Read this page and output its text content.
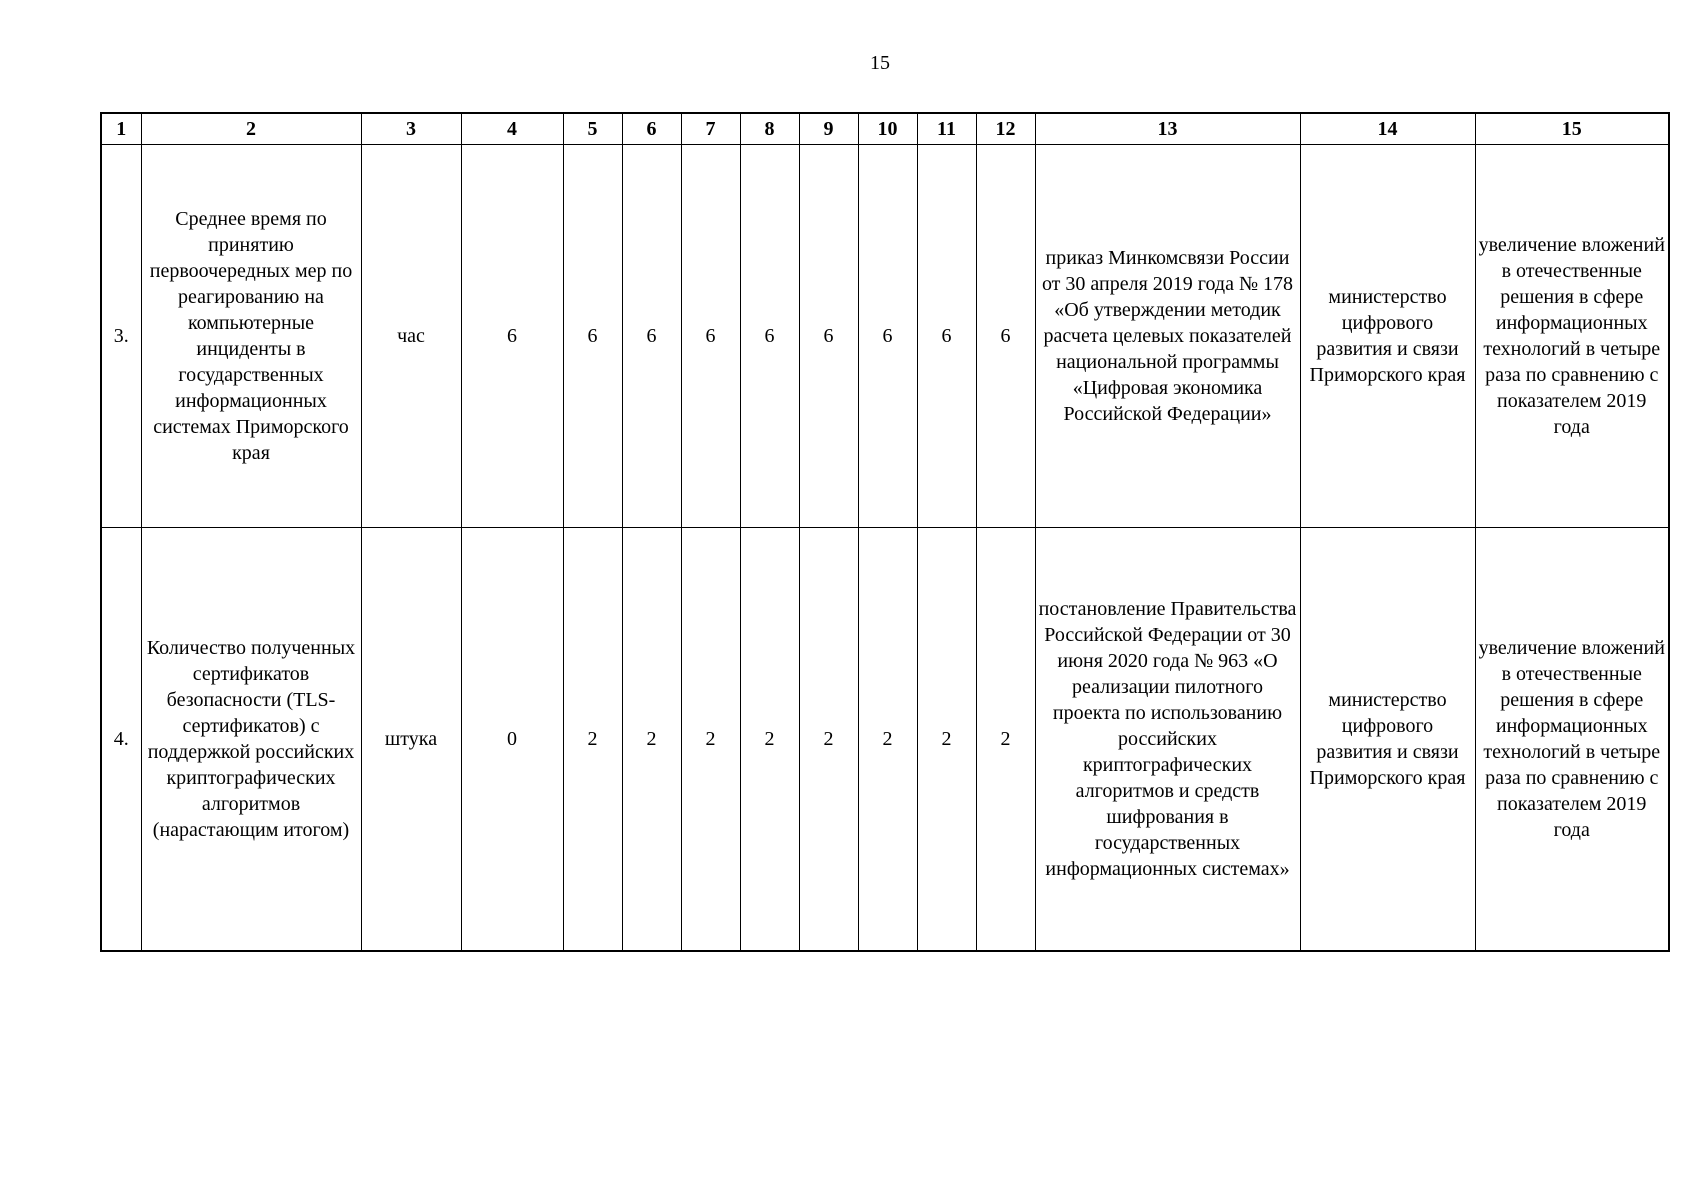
15
1	2	3	4	5	6	7	8	9	10	11	12	13	14	15
3.	Среднее время по принятию первоочередных мер по реагированию на компьютерные инциденты в государственных информационных системах Приморского края	час	6	6	6	6	6	6	6	6	6	приказ Минкомсвязи России от 30 апреля 2019 года № 178 «Об утверждении методик расчета целевых показателей национальной программы «Цифровая экономика Российской Федерации»	министерство цифрового развития и связи Приморского края	увеличение вложений в отечественные решения в сфере информационных технологий в четыре раза по сравнению с показателем 2019 года
4.	Количество полученных сертификатов безопасности (TLS-сертификатов) с поддержкой российских криптографических алгоритмов (нарастающим итогом)	штука	0	2	2	2	2	2	2	2	2	постановление Правительства Российской Федерации от 30 июня 2020 года № 963 «О реализации пилотного проекта по использованию российских криптографических алгоритмов и средств шифрования в государственных информационных системах»	министерство цифрового развития и связи Приморского края	увеличение вложений в отечественные решения в сфере информационных технологий в четыре раза по сравнению с показателем 2019 года
